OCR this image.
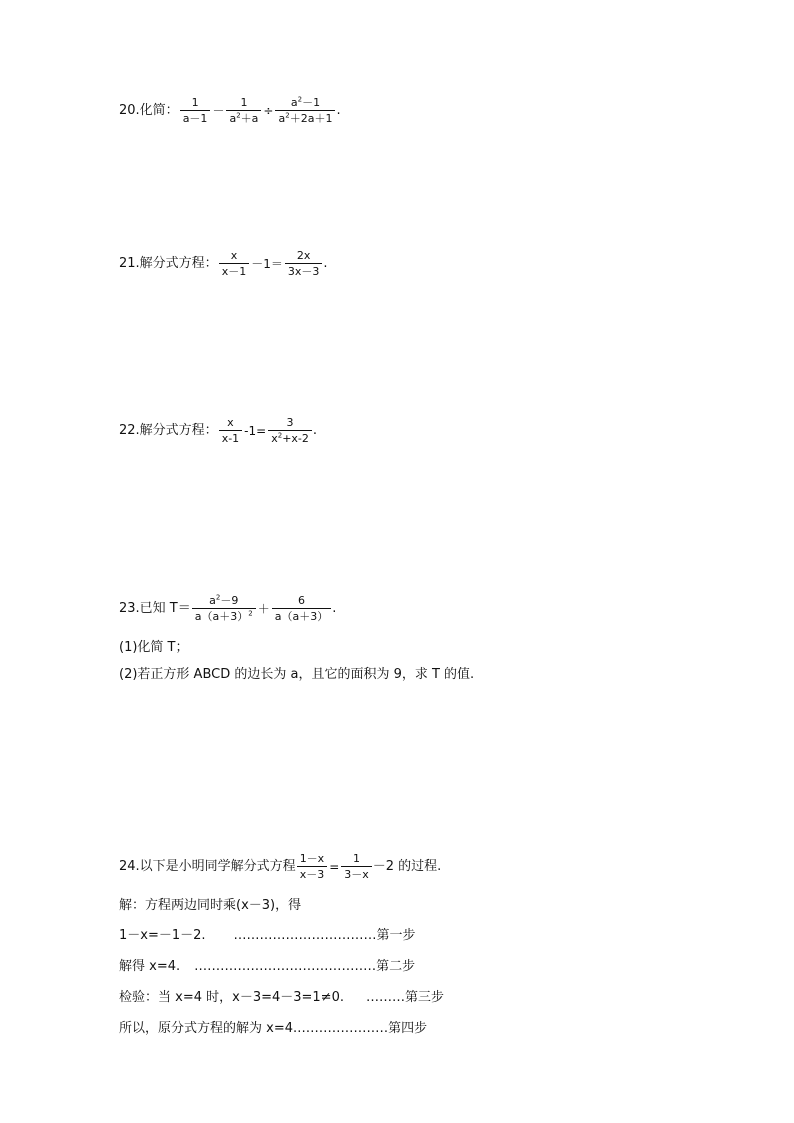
20.化简： $\frac{1}{a-1} - \frac{1}{a^2+a} \div \frac{a^2-1}{a^2+2a+1}$ .
21.解分式方程： $\frac{x}{x-1} -1= \frac{2x}{3x-3}$ .
22.解分式方程： $\frac{x}{x-1} -1= \frac{3}{x^2+x-2}$ .
23.已知 $T= \frac{a^2-9}{a(a+3)^2} + \frac{6}{a(a+3)}$ .
(1)化简 T；
(2)若正方形 ABCD 的边长为 a，且它的面积为 9，求 T 的值.
24.以下是小明同学解分式方程 $\frac{1-x}{x-3} = \frac{1}{3-x} -2$ 的过程.
解：方程两边同时乘(x－3)，得
1－x=－1－2. …………………………… 第一步
解得 x=4. …………………………………… 第二步
检验：当 x=4 时，x－3=4－3=1≠0. ……… 第三步
所以，原分式方程的解为 x=4. ………………… 第四步
